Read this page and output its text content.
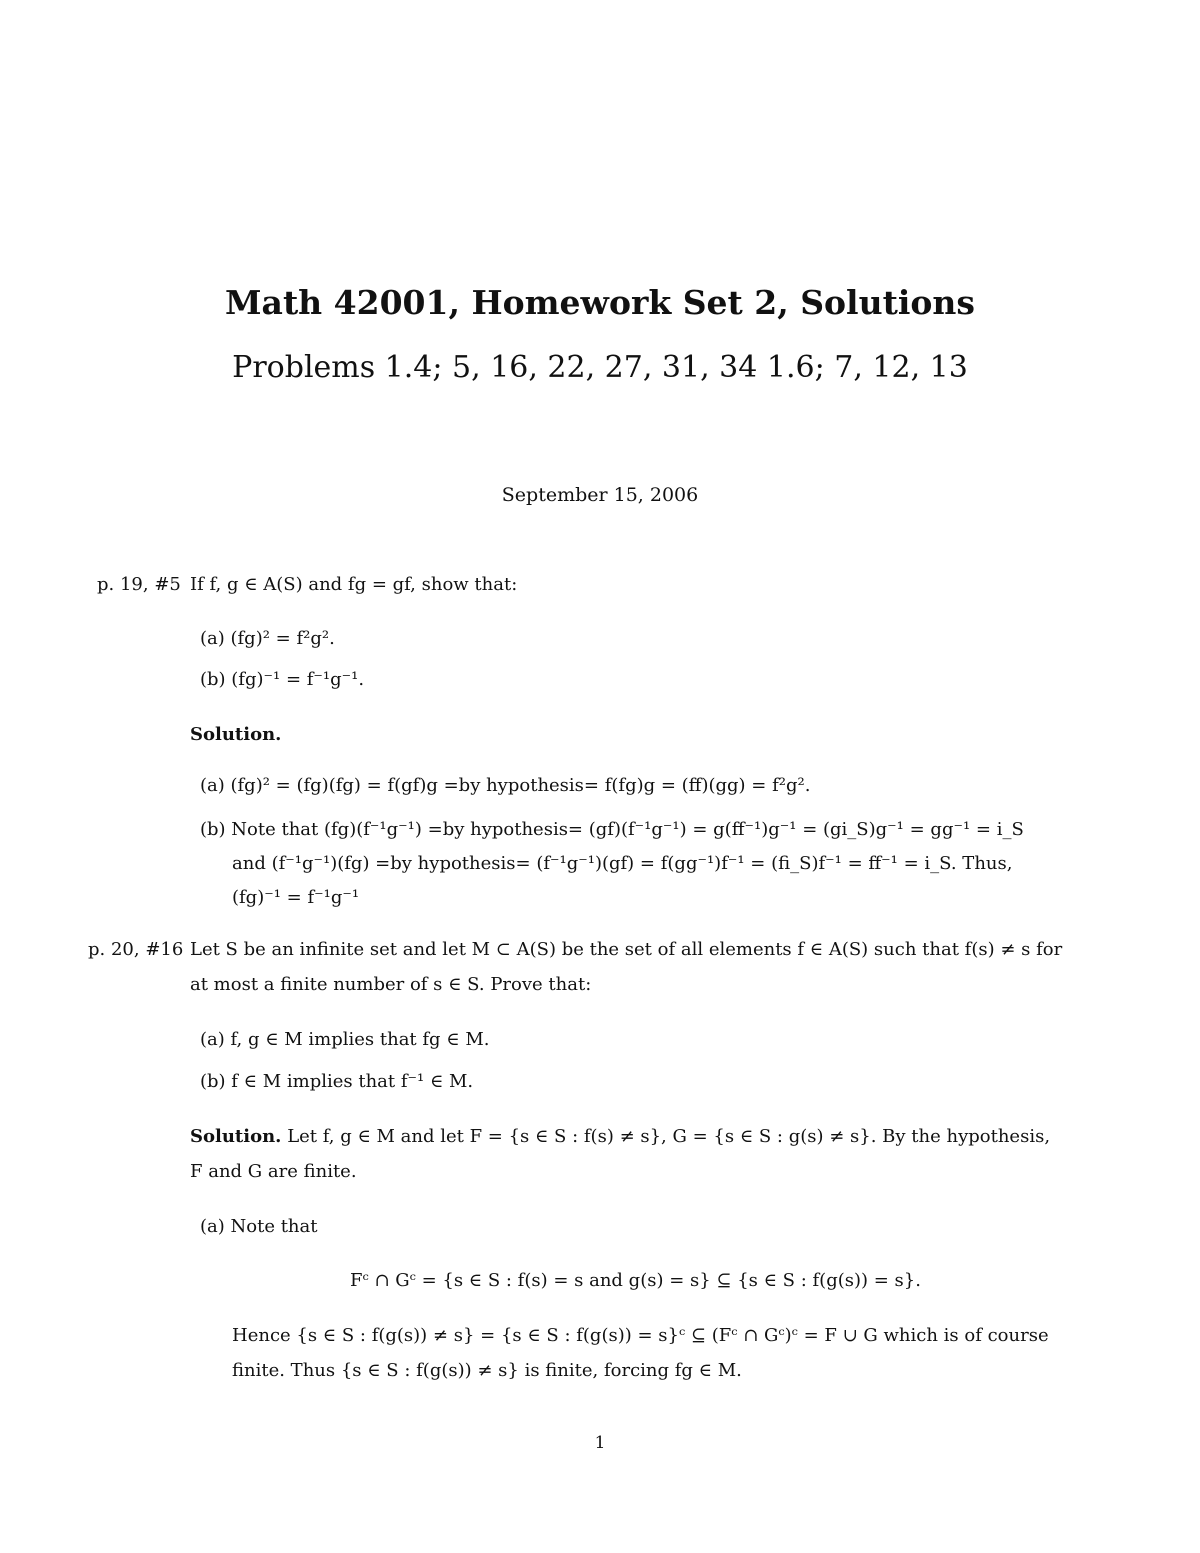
Math 42001, Homework Set 2, Solutions
Problems 1.4; 5, 16, 22, 27, 31, 34 1.6; 7, 12, 13
September 15, 2006
p. 19, #5 If f, g ∈ A(S) and fg = gf, show that:
(a) (fg)² = f²g².
(b) (fg)⁻¹ = f⁻¹g⁻¹.
Solution.
(a) (fg)² = (fg)(fg) = f(gf)g =by hypothesis= f(fg)g = (ff)(gg) = f²g².
(b) Note that (fg)(f⁻¹g⁻¹) =by hypothesis= (gf)(f⁻¹g⁻¹) = g(ff⁻¹)g⁻¹ = (gi_S)g⁻¹ = gg⁻¹ = i_S
and (f⁻¹g⁻¹)(fg) =by hypothesis= (f⁻¹g⁻¹)(gf) = f(gg⁻¹)f⁻¹ = (fi_S)f⁻¹ = ff⁻¹ = i_S. Thus,
(fg)⁻¹ = f⁻¹g⁻¹
p. 20, #16 Let S be an infinite set and let M ⊂ A(S) be the set of all elements f ∈ A(S) such that f(s) ≠ s for
at most a finite number of s ∈ S. Prove that:
(a) f, g ∈ M implies that fg ∈ M.
(b) f ∈ M implies that f⁻¹ ∈ M.
Solution. Let f, g ∈ M and let F = {s ∈ S : f(s) ≠ s}, G = {s ∈ S : g(s) ≠ s}. By the hypothesis,
F and G are finite.
(a) Note that
Fᶜ ∩ Gᶜ = {s ∈ S : f(s) = s and g(s) = s} ⊆ {s ∈ S : f(g(s)) = s}.
Hence {s ∈ S : f(g(s)) ≠ s} = {s ∈ S : f(g(s)) = s}ᶜ ⊆ (Fᶜ ∩ Gᶜ)ᶜ = F ∪ G which is of course
finite. Thus {s ∈ S : f(g(s)) ≠ s} is finite, forcing fg ∈ M.
1
